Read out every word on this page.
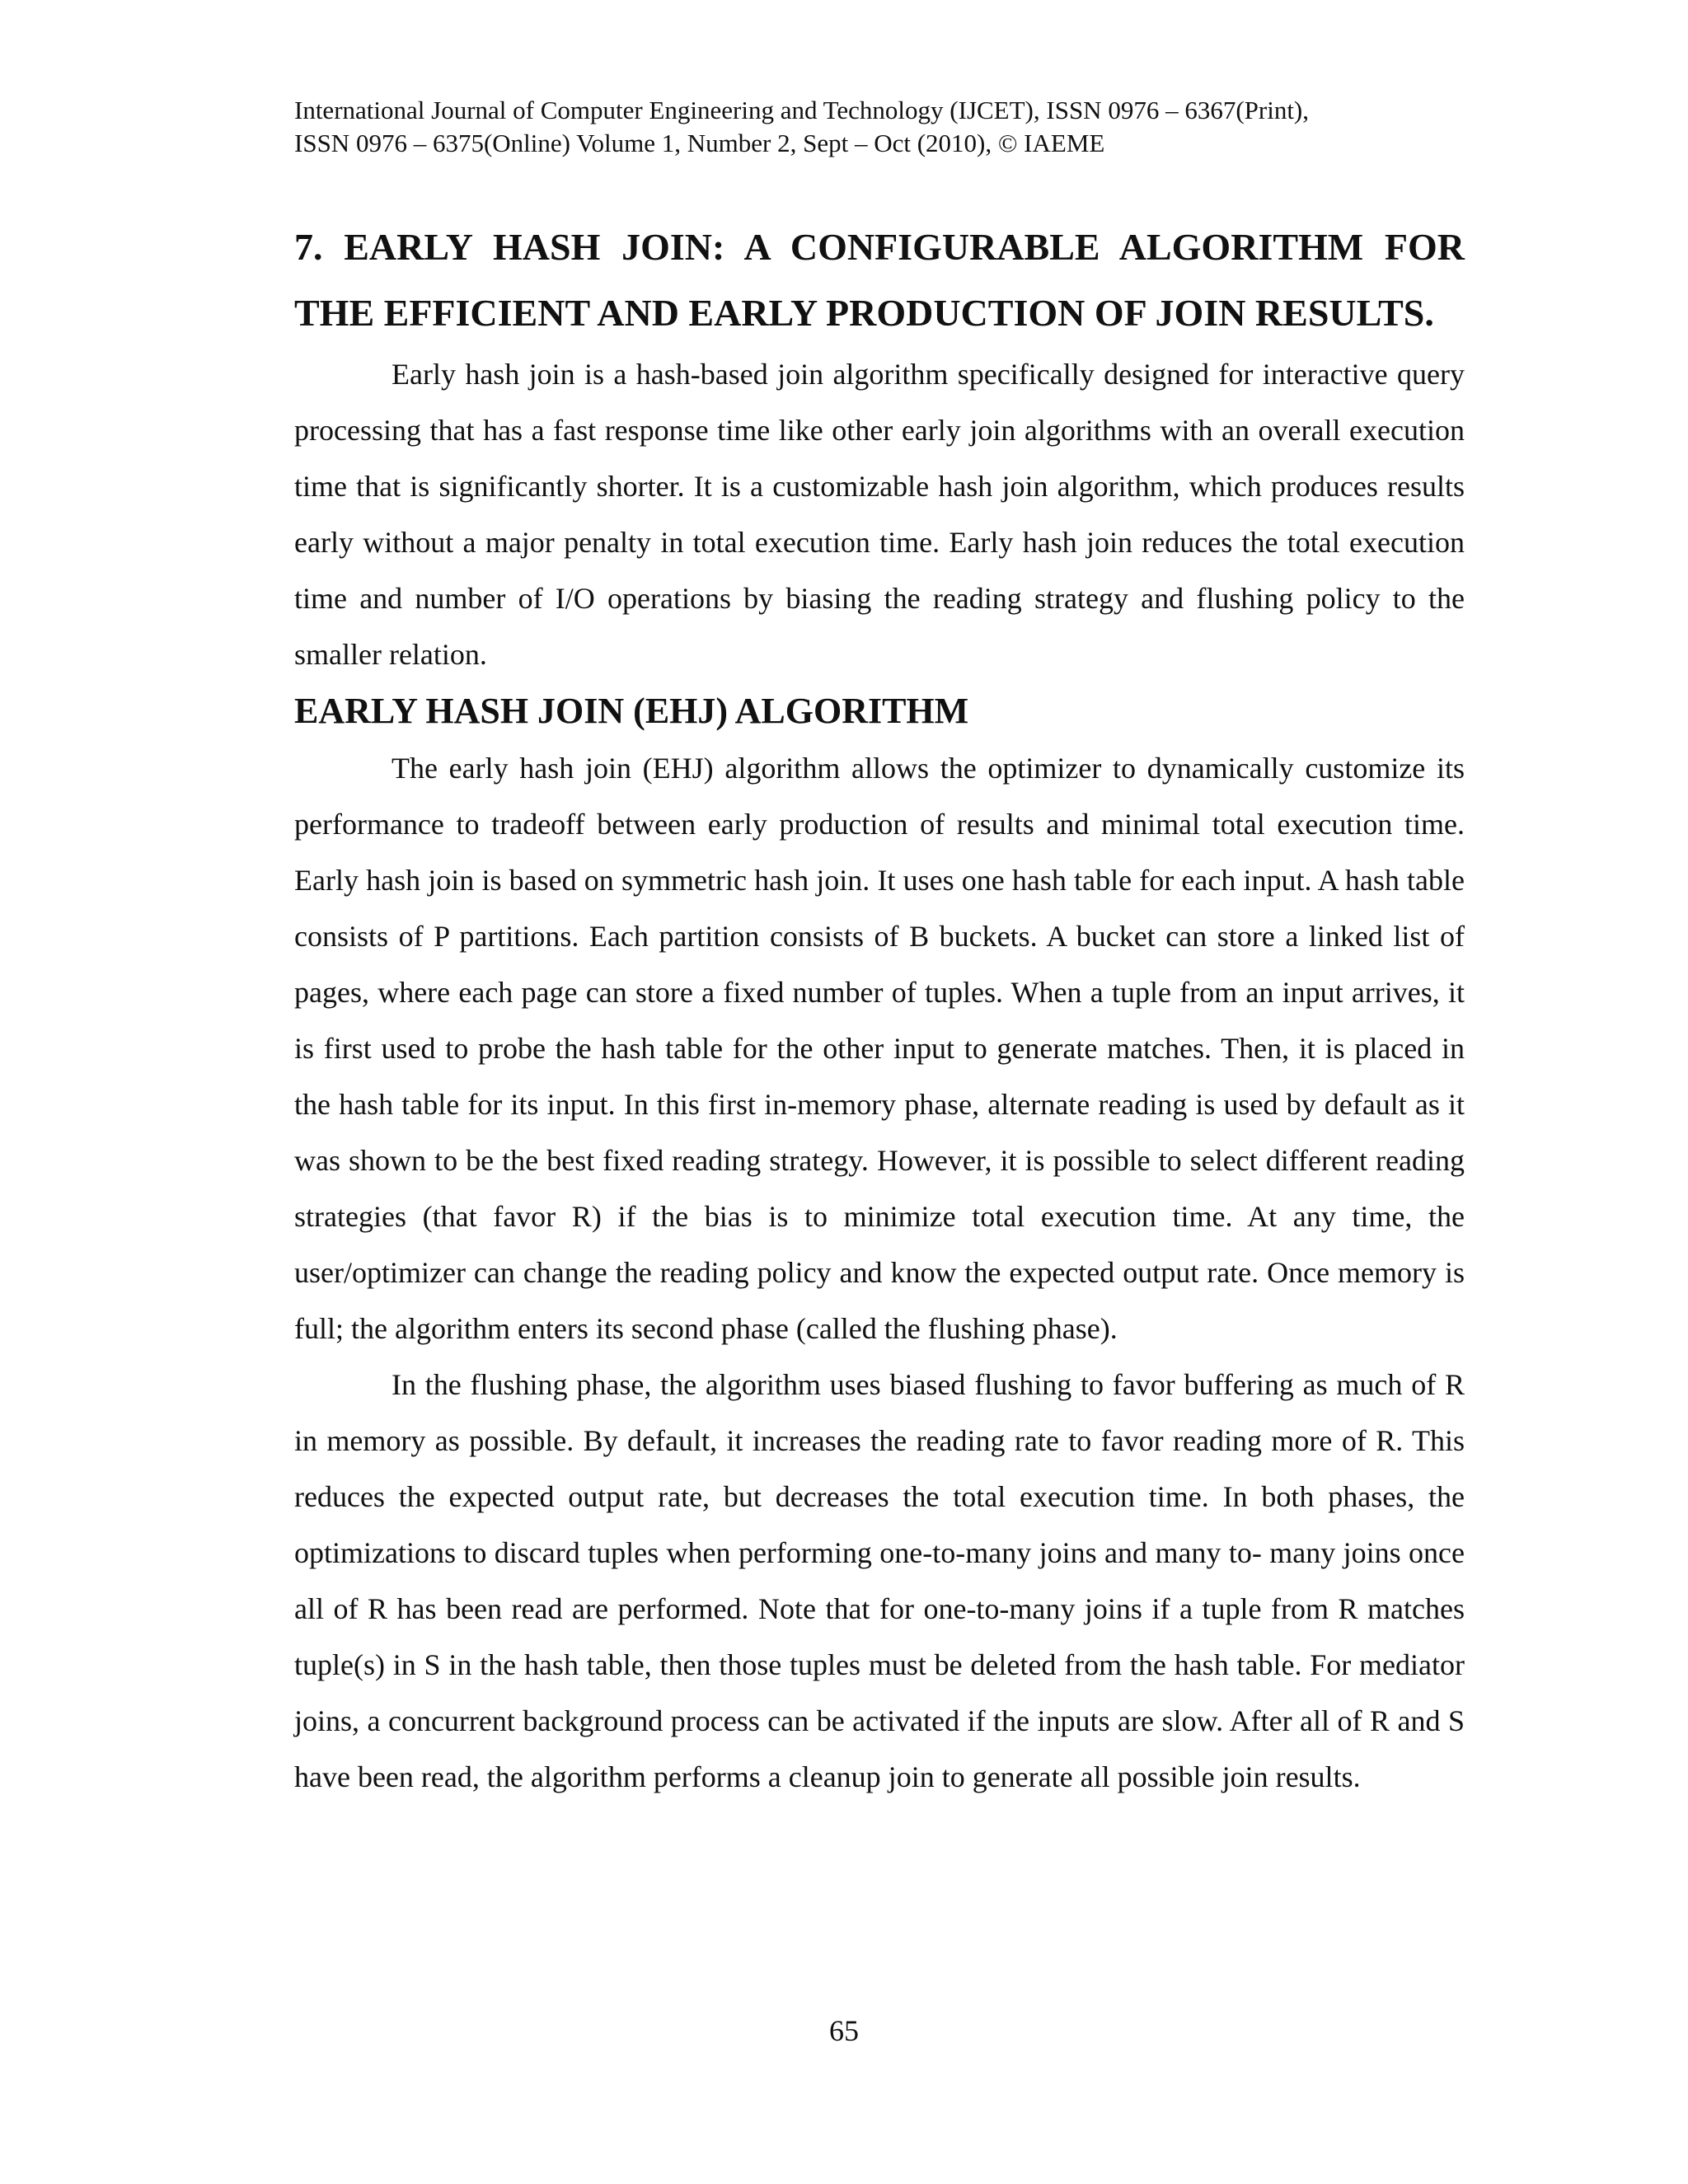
International Journal of Computer Engineering and Technology (IJCET), ISSN 0976 – 6367(Print),
ISSN 0976 – 6375(Online) Volume 1, Number 2, Sept – Oct (2010), © IAEME
7. EARLY HASH JOIN: A CONFIGURABLE ALGORITHM FOR THE EFFICIENT AND EARLY PRODUCTION OF JOIN RESULTS.

Early hash join is a hash-based join algorithm specifically designed for interactive query processing that has a fast response time like other early join algorithms with an overall execution time that is significantly shorter. It is a customizable hash join algorithm, which produces results early without a major penalty in total execution time. Early hash join reduces the total execution time and number of I/O operations by biasing the reading strategy and flushing policy to the smaller relation.

EARLY HASH JOIN (EHJ) ALGORITHM

The early hash join (EHJ) algorithm allows the optimizer to dynamically customize its performance to tradeoff between early production of results and minimal total execution time. Early hash join is based on symmetric hash join. It uses one hash table for each input. A hash table consists of P partitions. Each partition consists of B buckets. A bucket can store a linked list of pages, where each page can store a fixed number of tuples. When a tuple from an input arrives, it is first used to probe the hash table for the other input to generate matches. Then, it is placed in the hash table for its input. In this first in-memory phase, alternate reading is used by default as it was shown to be the best fixed reading strategy. However, it is possible to select different reading strategies (that favor R) if the bias is to minimize total execution time. At any time, the user/optimizer can change the reading policy and know the expected output rate. Once memory is full; the algorithm enters its second phase (called the flushing phase).

In the flushing phase, the algorithm uses biased flushing to favor buffering as much of R in memory as possible. By default, it increases the reading rate to favor reading more of R. This reduces the expected output rate, but decreases the total execution time. In both phases, the optimizations to discard tuples when performing one-to-many joins and many to- many joins once all of R has been read are performed. Note that for one-to-many joins if a tuple from R matches tuple(s) in S in the hash table, then those tuples must be deleted from the hash table. For mediator joins, a concurrent background process can be activated if the inputs are slow. After all of R and S have been read, the algorithm performs a cleanup join to generate all possible join results.

65
